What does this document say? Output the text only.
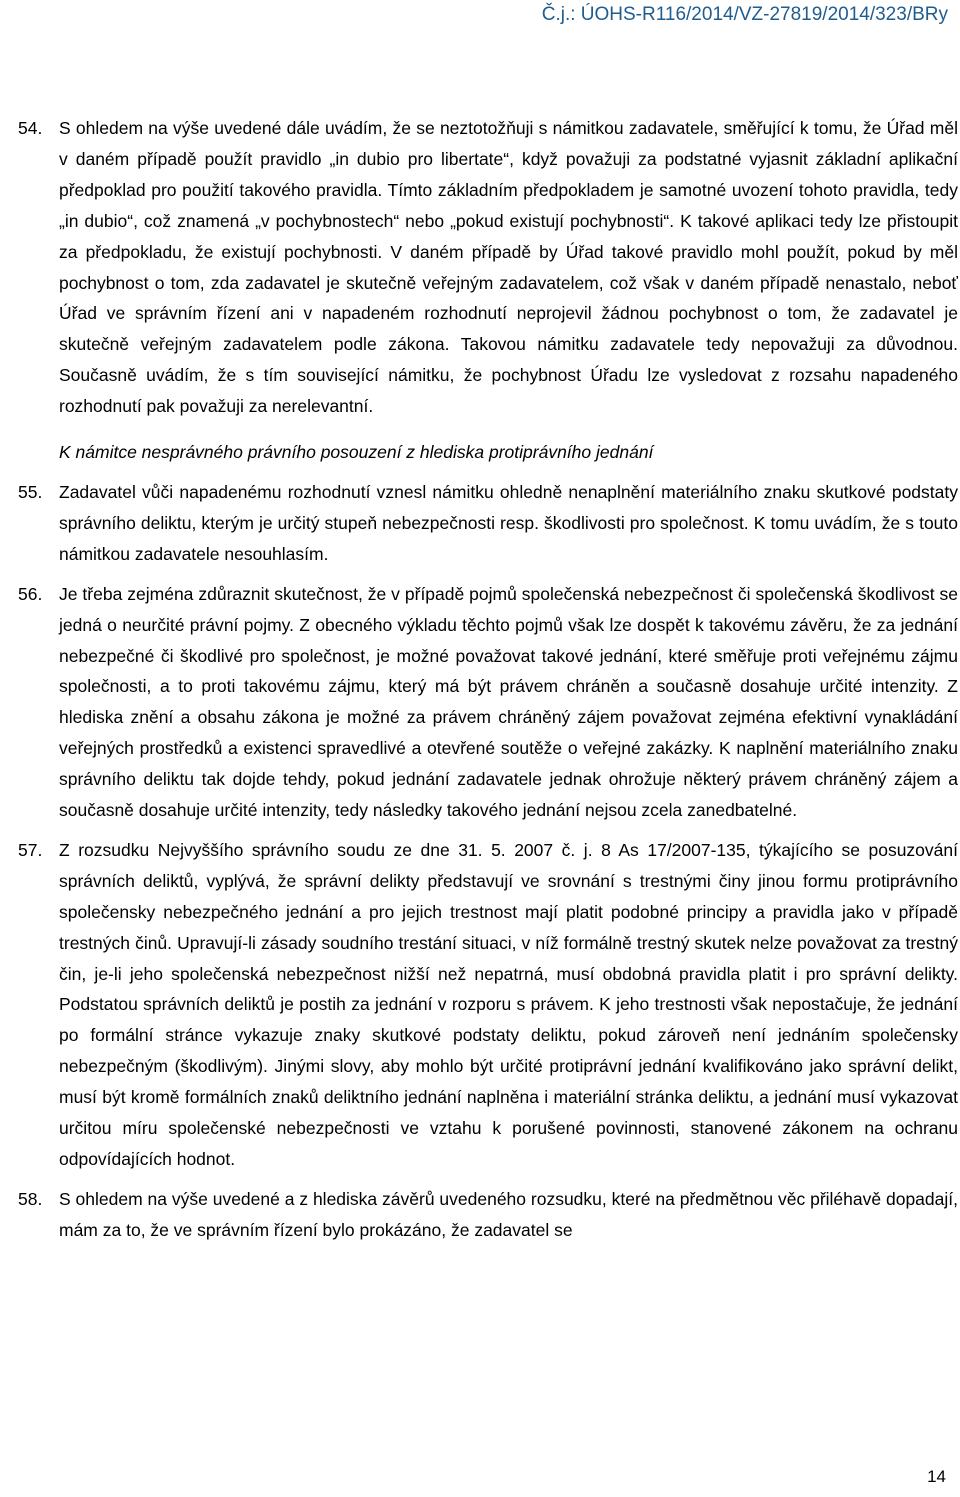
Č.j.: ÚOHS-R116/2014/VZ-27819/2014/323/BRy
54. S ohledem na výše uvedené dále uvádím, že se neztotožňuji s námitkou zadavatele, směřující k tomu, že Úřad měl v daném případě použít pravidlo „in dubio pro libertate“, když považuji za podstatné vyjasnit základní aplikační předpoklad pro použití takového pravidla. Tímto základním předpokladem je samotné uvození tohoto pravidla, tedy „in dubio“, což znamená „v pochybnostech“ nebo „pokud existují pochybnosti“. K takové aplikaci tedy lze přistoupit za předpokladu, že existují pochybnosti. V daném případě by Úřad takové pravidlo mohl použít, pokud by měl pochybnost o tom, zda zadavatel je skutečně veřejným zadavatelem, což však v daném případě nenastalo, neboť Úřad ve správním řízení ani v napadeném rozhodnutí neprojevil žádnou pochybnost o tom, že zadavatel je skutečně veřejným zadavatelem podle zákona. Takovou námitku zadavatele tedy nepovažuji za důvodnou. Současně uvádím, že s tím související námitku, že pochybnost Úřadu lze vysledovat z rozsahu napadeného rozhodnutí pak považuji za nerelevantní.
K námitce nesprávného právního posouzení z hlediska protiprávního jednání
55. Zadavatel vůči napadenému rozhodnutí vznesl námitku ohledně nenaplnění materiálního znaku skutkové podstaty správního deliktu, kterým je určitý stupeň nebezpečnosti resp. škodlivosti pro společnost. K tomu uvádím, že s touto námitkou zadavatele nesouhlasím.
56. Je třeba zejména zdůraznit skutečnost, že v případě pojmů společenská nebezpečnost či společenská škodlivost se jedná o neurčité právní pojmy. Z obecného výkladu těchto pojmů však lze dospět k takovému závěru, že za jednání nebezpečné či škodlivé pro společnost, je možné považovat takové jednání, které směřuje proti veřejnému zájmu společnosti, a to proti takovému zájmu, který má být právem chráněn a současně dosahuje určité intenzity. Z hlediska znění a obsahu zákona je možné za právem chráněný zájem považovat zejména efektivní vynakládání veřejných prostředků a existenci spravedlivé a otevřené soutěže o veřejné zakázky. K naplnění materiálního znaku správního deliktu tak dojde tehdy, pokud jednání zadavatele jednak ohrožuje některý právem chráněný zájem a současně dosahuje určité intenzity, tedy následky takového jednání nejsou zcela zanedbatelné.
57. Z rozsudku Nejvyššího správního soudu ze dne 31. 5. 2007 č. j. 8 As 17/2007-135, týkajícího se posuzování správních deliktů, vyplývá, že správní delikty představují ve srovnání s trestnými činy jinou formu protiprávního společensky nebezpečného jednání a pro jejich trestnost mají platit podobné principy a pravidla jako v případě trestných činů. Upravují-li zásady soudního trestání situaci, v níž formálně trestný skutek nelze považovat za trestný čin, je-li jeho společenská nebezpečnost nižší než nepatrná, musí obdobná pravidla platit i pro správní delikty. Podstatou správních deliktů je postih za jednání v rozporu s právem. K jeho trestnosti však nepostačuje, že jednání po formální stránce vykazuje znaky skutkové podstaty deliktu, pokud zároveň není jednáním společensky nebezpečným (škodlivým). Jinými slovy, aby mohlo být určité protiprávní jednání kvalifikováno jako správní delikt, musí být kromě formálních znaků deliktního jednání naplněna i materiální stránka deliktu, a jednání musí vykazovat určitou míru společenské nebezpečnosti ve vztahu k porušené povinnosti, stanovené zákonem na ochranu odpovídajících hodnot.
58. S ohledem na výše uvedené a z hlediska závěrů uvedeného rozsudku, které na předmětnou věc přiléhavě dopadají, mám za to, že ve správním řízení bylo prokázáno, že zadavatel se
14
